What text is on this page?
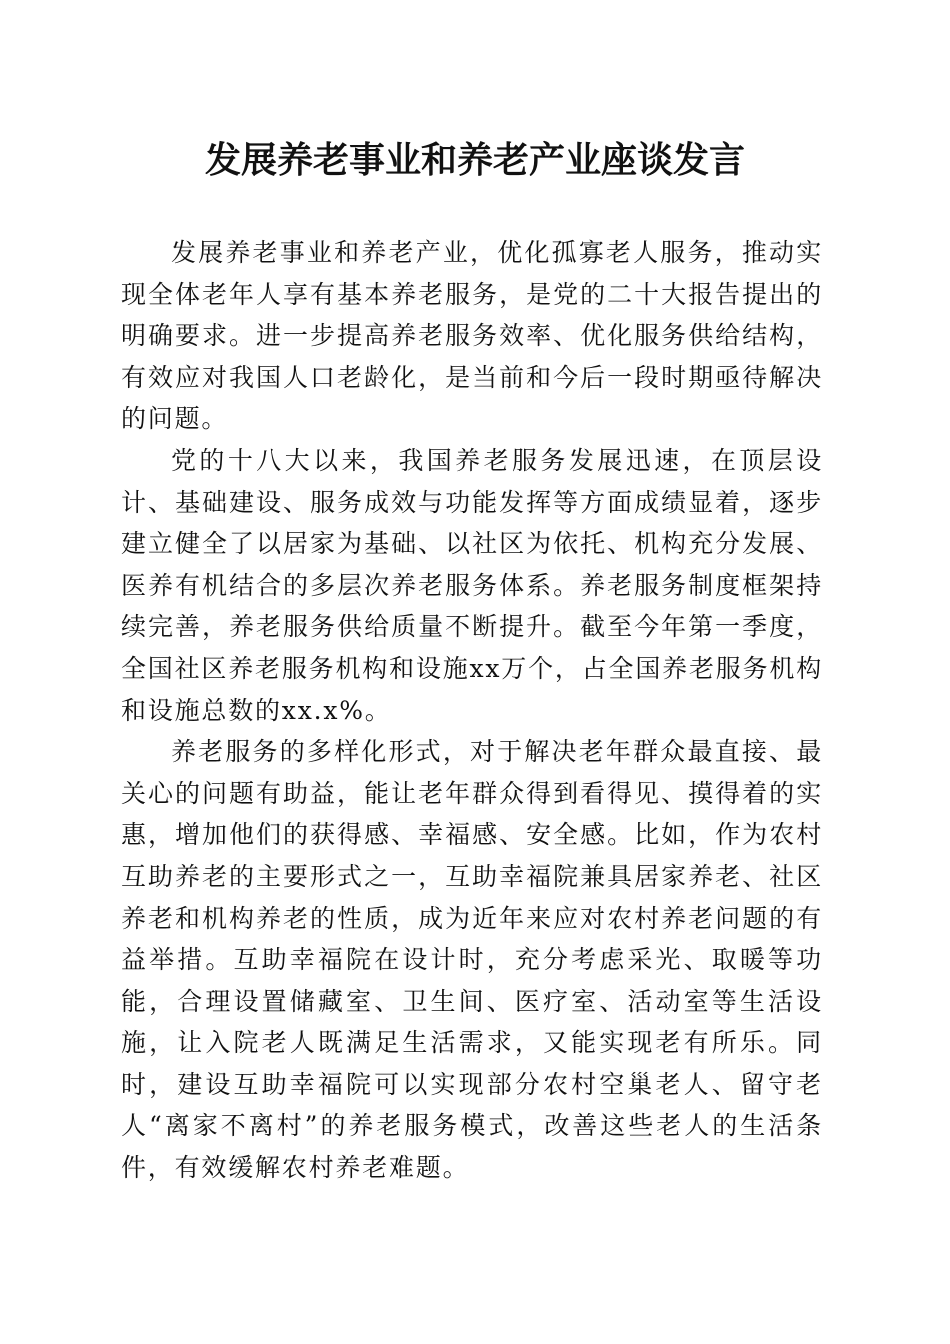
发展养老事业和养老产业座谈发言

发展养老事业和养老产业，优化孤寡老人服务，推动实现全体老年人享有基本养老服务，是党的二十大报告提出的明确要求。进一步提高养老服务效率、优化服务供给结构，有效应对我国人口老龄化，是当前和今后一段时期亟待解决的问题。

党的十八大以来，我国养老服务发展迅速，在顶层设计、基础建设、服务成效与功能发挥等方面成绩显着，逐步建立健全了以居家为基础、以社区为依托、机构充分发展、医养有机结合的多层次养老服务体系。养老服务制度框架持续完善，养老服务供给质量不断提升。截至今年第一季度，全国社区养老服务机构和设施xx万个，占全国养老服务机构和设施总数的xx.x%。

养老服务的多样化形式，对于解决老年群众最直接、最关心的问题有助益，能让老年群众得到看得见、摸得着的实惠，增加他们的获得感、幸福感、安全感。比如，作为农村互助养老的主要形式之一，互助幸福院兼具居家养老、社区养老和机构养老的性质，成为近年来应对农村养老问题的有益举措。互助幸福院在设计时，充分考虑采光、取暖等功能，合理设置储藏室、卫生间、医疗室、活动室等生活设施，让入院老人既满足生活需求，又能实现老有所乐。同时，建设互助幸福院可以实现部分农村空巢老人、留守老人“离家不离村”的养老服务模式，改善这些老人的生活条件，有效缓解农村养老难题。
